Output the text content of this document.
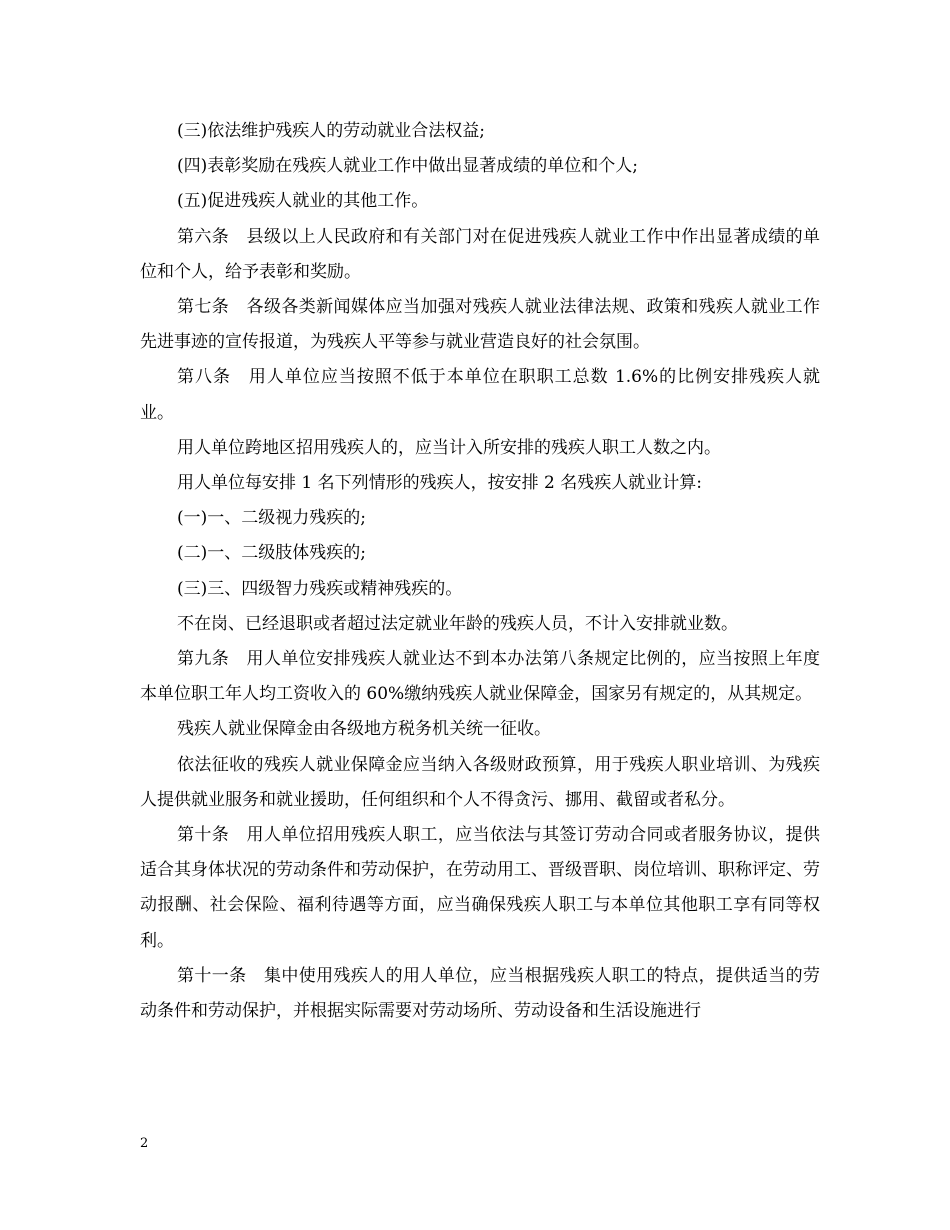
(三)依法维护残疾人的劳动就业合法权益;

(四)表彰奖励在残疾人就业工作中做出显著成绩的单位和个人;

(五)促进残疾人就业的其他工作。

第六条　县级以上人民政府和有关部门对在促进残疾人就业工作中作出显著成绩的单位和个人，给予表彰和奖励。

第七条　各级各类新闻媒体应当加强对残疾人就业法律法规、政策和残疾人就业工作先进事迹的宣传报道，为残疾人平等参与就业营造良好的社会氛围。

第八条　用人单位应当按照不低于本单位在职职工总数 1.6%的比例安排残疾人就业。

用人单位跨地区招用残疾人的，应当计入所安排的残疾人职工人数之内。

用人单位每安排 1 名下列情形的残疾人，按安排 2 名残疾人就业计算:

(一)一、二级视力残疾的;

(二)一、二级肢体残疾的;

(三)三、四级智力残疾或精神残疾的。

不在岗、已经退职或者超过法定就业年龄的残疾人员，不计入安排就业数。

第九条　用人单位安排残疾人就业达不到本办法第八条规定比例的，应当按照上年度本单位职工年人均工资收入的 60%缴纳残疾人就业保障金，国家另有规定的，从其规定。

残疾人就业保障金由各级地方税务机关统一征收。

依法征收的残疾人就业保障金应当纳入各级财政预算，用于残疾人职业培训、为残疾人提供就业服务和就业援助，任何组织和个人不得贪污、挪用、截留或者私分。

第十条　用人单位招用残疾人职工，应当依法与其签订劳动合同或者服务协议，提供适合其身体状况的劳动条件和劳动保护，在劳动用工、晋级晋职、岗位培训、职称评定、劳动报酬、社会保险、福利待遇等方面，应当确保残疾人职工与本单位其他职工享有同等权利。

第十一条　集中使用残疾人的用人单位，应当根据残疾人职工的特点，提供适当的劳动条件和劳动保护，并根据实际需要对劳动场所、劳动设备和生活设施进行

2
